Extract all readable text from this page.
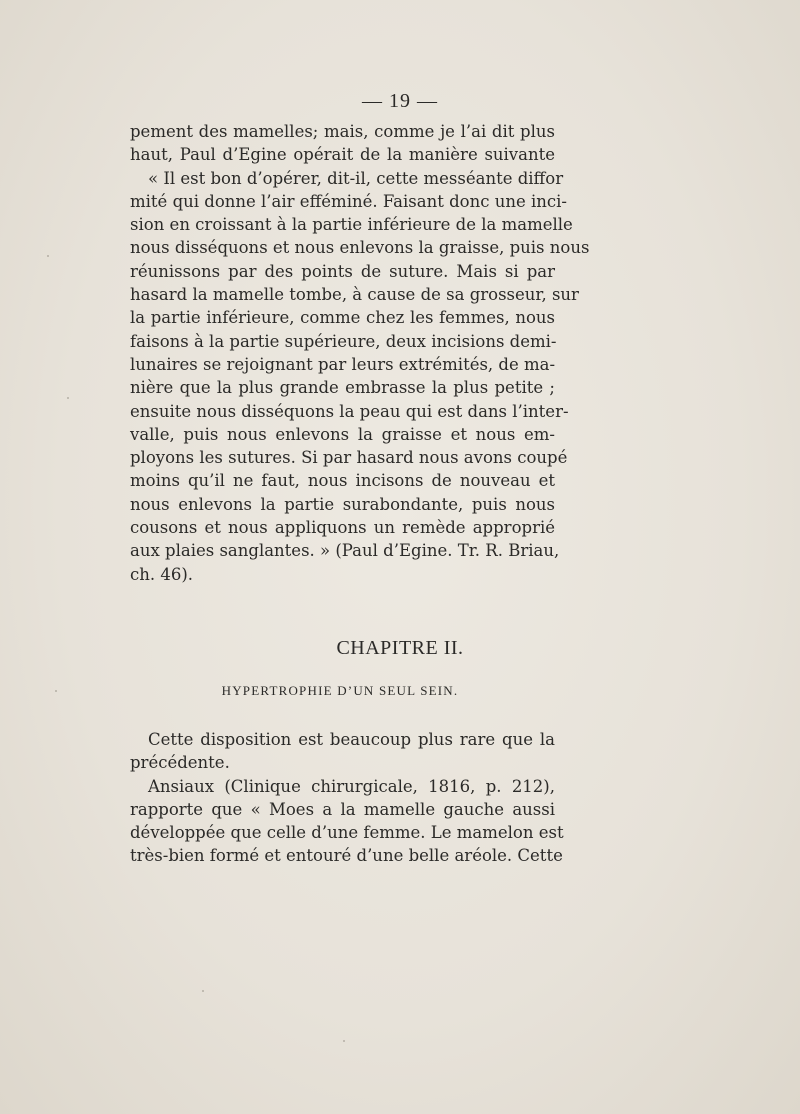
— 19 —
pement des mamelles; mais, comme je l’ai dit plus
haut, Paul d’Egine opérait de la manière suivante
« Il est bon d’opérer, dit-il, cette messéante diffor
mité qui donne l’air efféminé. Faisant donc une inci-
sion en croissant à la partie inférieure de la mamelle
nous disséquons et nous enlevons la graisse, puis nous
réunissons par des points de suture. Mais si par
hasard la mamelle tombe, à cause de sa grosseur, sur
la partie inférieure, comme chez les femmes, nous
faisons à la partie supérieure, deux incisions demi-
lunaires se rejoignant par leurs extrémités, de ma-
nière que la plus grande embrasse la plus petite ;
ensuite nous disséquons la peau qui est dans l’inter-
valle, puis nous enlevons la graisse et nous em-
ployons les sutures. Si par hasard nous avons coupé
moins qu’il ne faut, nous incisons de nouveau et
nous enlevons la partie surabondante, puis nous
cousons et nous appliquons un remède approprié
aux plaies sanglantes. » (Paul d’Egine. Tr. R. Briau,
ch. 46).
CHAPITRE II.
HYPERTROPHIE D’UN SEUL SEIN.
Cette disposition est beaucoup plus rare que la
précédente.
Ansiaux (Clinique chirurgicale, 1816, p. 212),
rapporte que « Moes a la mamelle gauche aussi
développée que celle d’une femme. Le mamelon est
très-bien formé et entouré d’une belle aréole. Cette
